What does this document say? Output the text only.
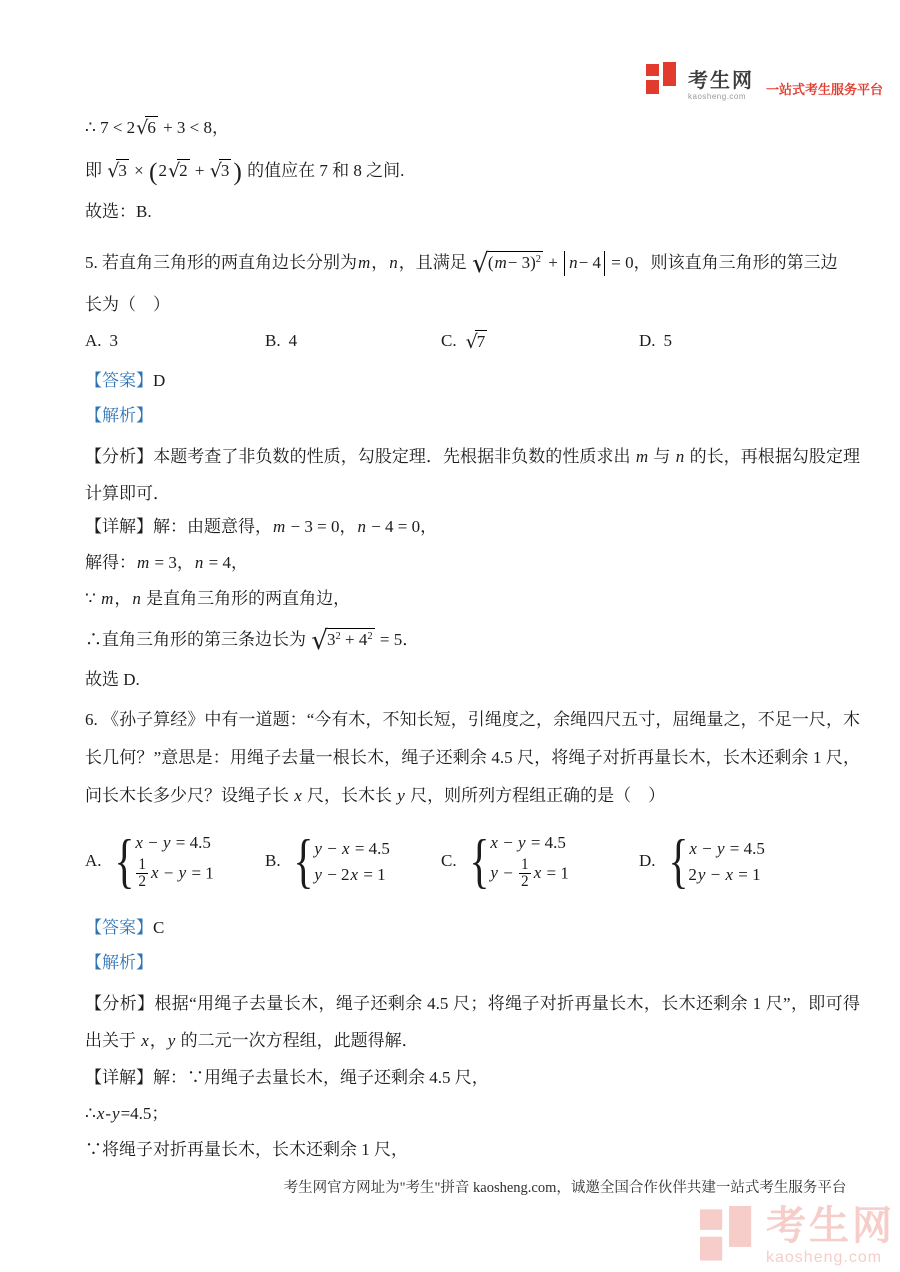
考生网
kaosheng.com	一站式考生服务平台
∴ 7 < 2 √ 6 + 3 < 8，
即 √ 3 × (2 √ 2 + √ 3 ) 的值应在 7 和 8 之间.
故选：B.
5. 若直角三角形的两直角边长分别为m，n，且满足 √ $(m- 3)^2 + n- 4 = 0$，则该直角三角形的第三边
长为（　）
A. 3	B. 4	C.	√ 7	D. 5
【答案】D
【解析】
【分析】本题考查了非负数的性质，勾股定理．先根据非负数的性质求出 m 与 n 的长，再根据勾股定理计算即可．
【详解】解：由题意得，m − 3 = 0，n − 4 = 0，
解得：m = 3，n = 4，
∵ m，n 是直角三角形的两直角边，
∴直角三角形的第三条边长为 √ $3^2 + 4^2 = 5$．
故选 D.
6. 《孙子算经》中有一道题：“今有木，不知长短，引绳度之，余绳四尺五寸，屈绳量之，不足一尺，木长几何？”意思是：用绳子去量一根长木，绳子还剩余 4.5 尺，将绳子对折再量长木，长木还剩余 1 尺，问长木长多少尺？设绳子长 x 尺，长木长 y 尺，则所列方程组正确的是（　）
A. { x − y = 4.5
$\frac{1}{2}$ x − y = 1
B. { y − x = 4.5
y − 2x = 1
C. { x − y = 4.5
$y - \frac{1}{2}$ x = 1
D. { x − y = 4.5
2y − x = 1
【答案】C
【解析】
【分析】根据“用绳子去量长木，绳子还剩余 4.5 尺；将绳子对折再量长木，长木还剩余 1 尺”，即可得出关于 x，y 的二元一次方程组，此题得解．
【详解】解：∵用绳子去量长木，绳子还剩余 4.5 尺，
∴x-y=4.5；
∵将绳子对折再量长木，长木还剩余 1 尺，
考生网官方网址为"考生"拼音 kaosheng.com，诚邀全国合作伙伴共建一站式考生服务平台
考生网
kaosheng.com
